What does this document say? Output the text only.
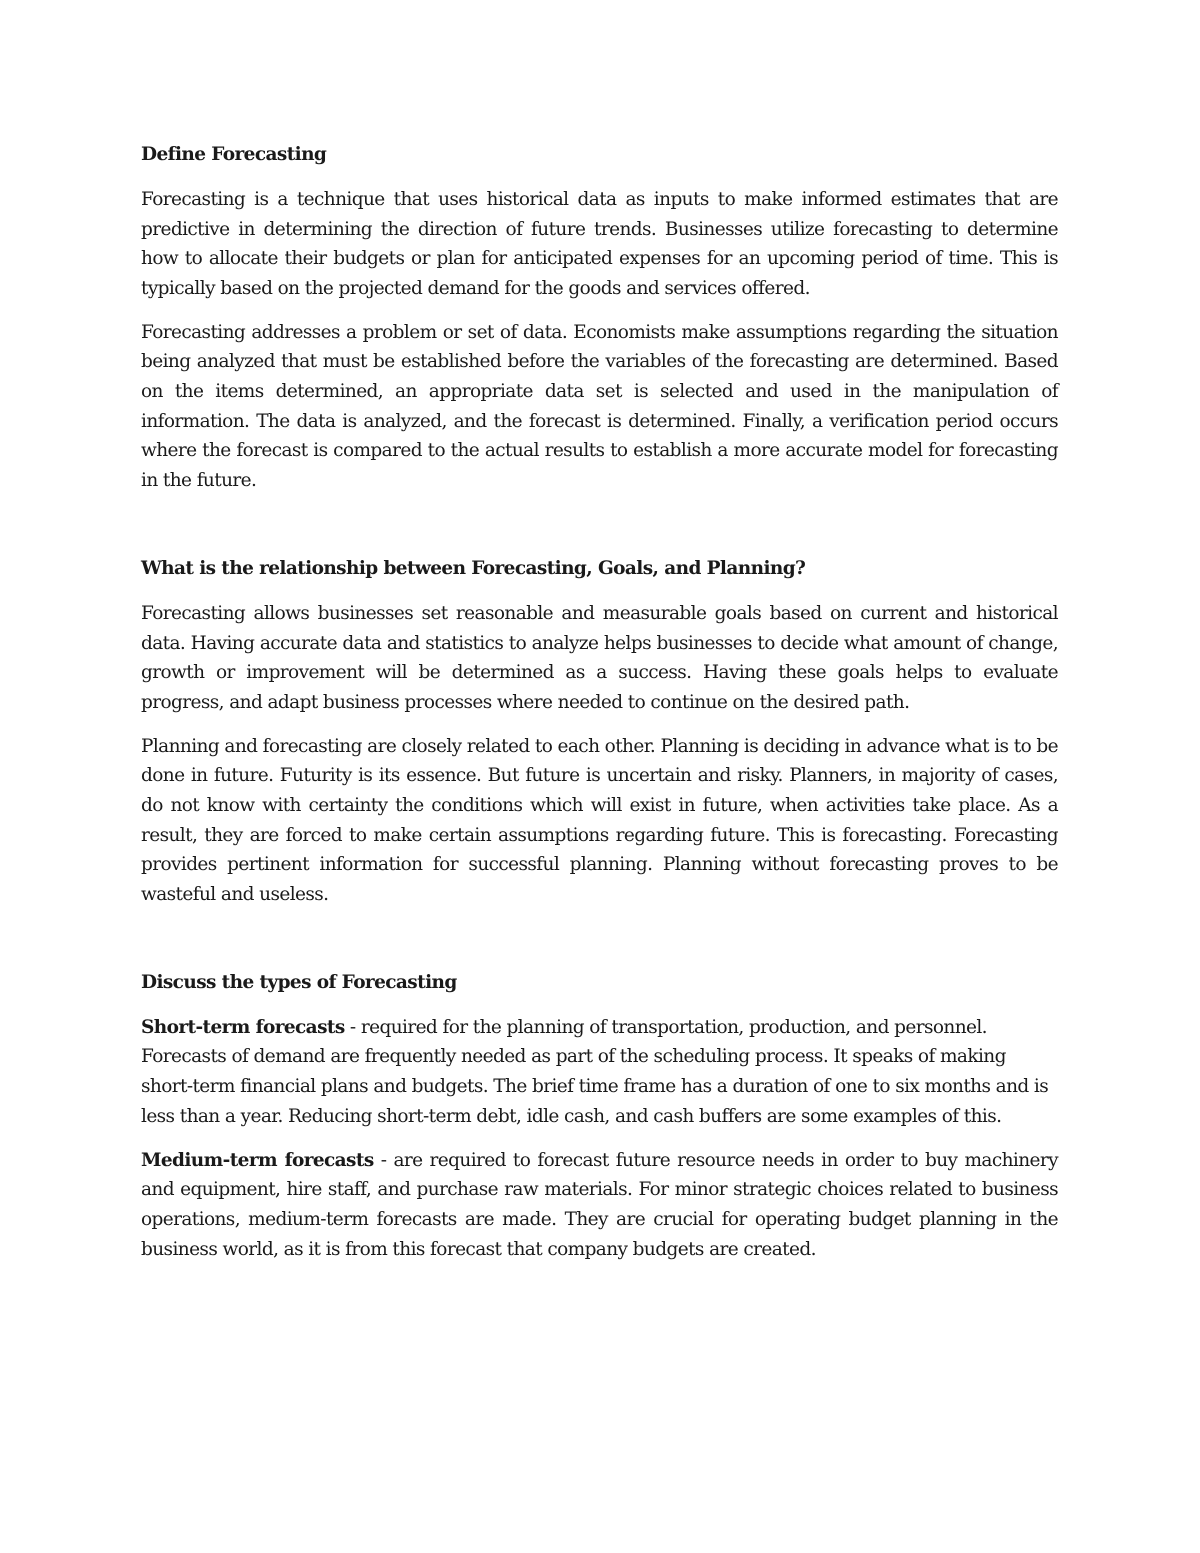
Define Forecasting

Forecasting is a technique that uses historical data as inputs to make informed estimates that are predictive in determining the direction of future trends. Businesses utilize forecasting to determine how to allocate their budgets or plan for anticipated expenses for an upcoming period of time. This is typically based on the projected demand for the goods and services offered.

Forecasting addresses a problem or set of data. Economists make assumptions regarding the situation being analyzed that must be established before the variables of the forecasting are determined. Based on the items determined, an appropriate data set is selected and used in the manipulation of information. The data is analyzed, and the forecast is determined. Finally, a verification period occurs where the forecast is compared to the actual results to establish a more accurate model for forecasting in the future.

What is the relationship between Forecasting, Goals, and Planning?

Forecasting allows businesses set reasonable and measurable goals based on current and historical data. Having accurate data and statistics to analyze helps businesses to decide what amount of change, growth or improvement will be determined as a success. Having these goals helps to evaluate progress, and adapt business processes where needed to continue on the desired path.

Planning and forecasting are closely related to each other. Planning is deciding in advance what is to be done in future. Futurity is its essence. But future is uncertain and risky. Planners, in majority of cases, do not know with certainty the conditions which will exist in future, when activities take place. As a result, they are forced to make certain assumptions regarding future. This is forecasting. Forecasting provides pertinent information for successful planning. Planning without forecasting proves to be wasteful and useless.

Discuss the types of Forecasting

Short-term forecasts - required for the planning of transportation, production, and personnel. Forecasts of demand are frequently needed as part of the scheduling process. It speaks of making short-term financial plans and budgets. The brief time frame has a duration of one to six months and is less than a year. Reducing short-term debt, idle cash, and cash buffers are some examples of this.

Medium-term forecasts - are required to forecast future resource needs in order to buy machinery and equipment, hire staff, and purchase raw materials. For minor strategic choices related to business operations, medium-term forecasts are made. They are crucial for operating budget planning in the business world, as it is from this forecast that company budgets are created.
